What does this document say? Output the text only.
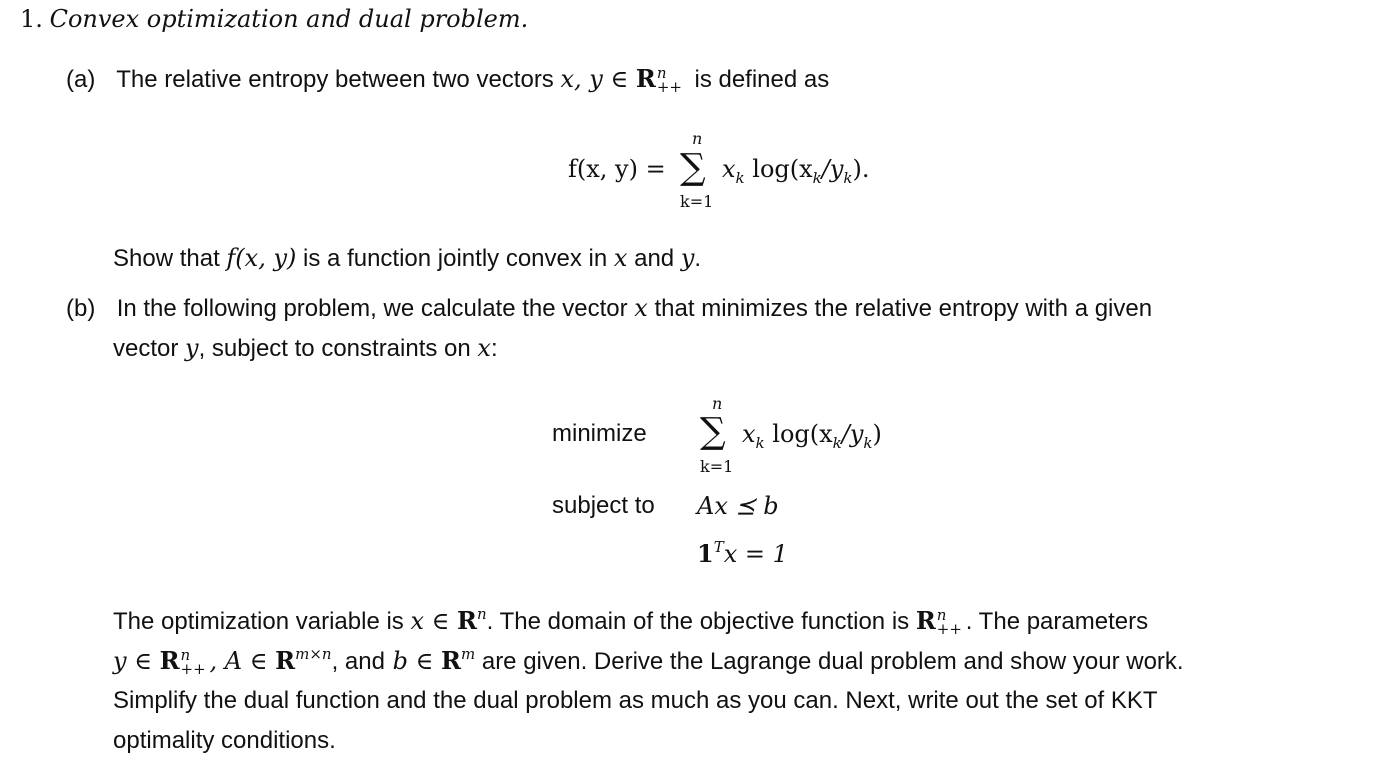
1. Convex optimization and dual problem.
(a) The relative entropy between two vectors x, y ∈ R n
++ is defined as
f(x, y) =
n
∑
k=1
$x_k$ $\log(x_k/y_k)$.
Show that f(x, y) is a function jointly convex in x and y.
(b) In the following problem, we calculate the vector x that minimizes the relative entropy with a given
vector y, subject to constraints on x:
minimize
n
∑
k=1
$x_k$ $\log(x_k/y_k)$
subject to Ax ⪯ b
$1^Tx = 1$
The optimization variable is x ∈ $R^n$. The domain of the objective function is R n
++ . The parameters
y ∈ R n
++ , A ∈ $R^{m\times n}$, and b ∈ $R^m$ are given. Derive the Lagrange dual problem and show your work.
Simplify the dual function and the dual problem as much as you can. Next, write out the set of KKT
optimality conditions.
